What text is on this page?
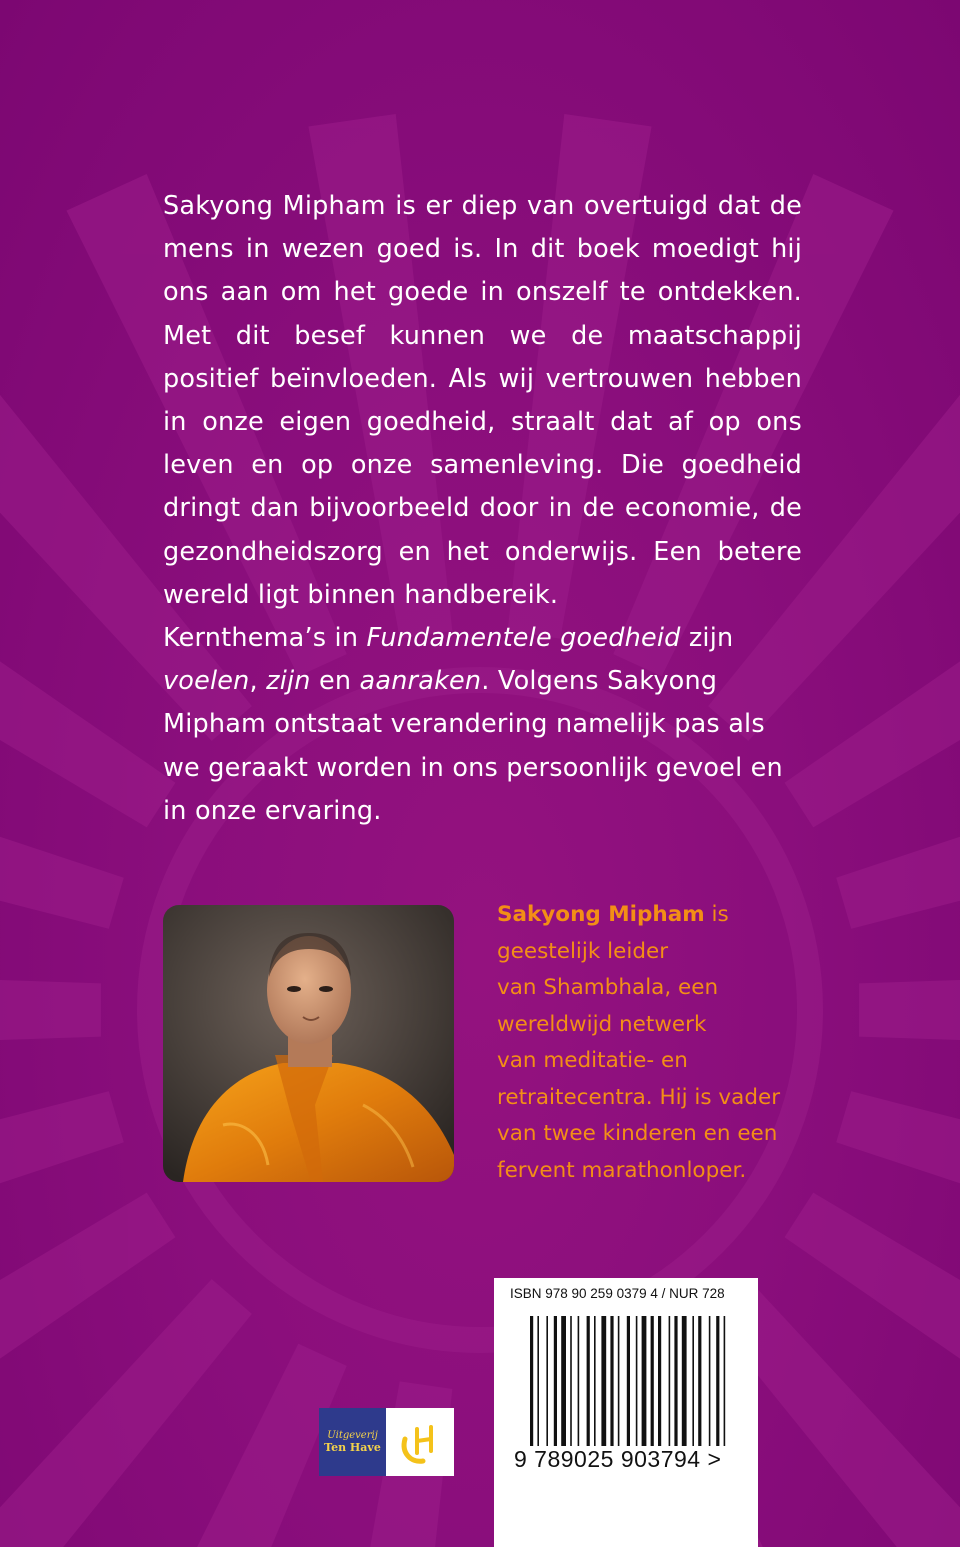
Sakyong Mipham is er diep van overtuigd dat de mens in wezen goed is. In dit boek moedigt hij ons aan om het goede in onszelf te ontdekken. Met dit besef kunnen we de maatschappij positief beïnvloeden. Als wij vertrouwen hebben in onze eigen goedheid, straalt dat af op ons leven en op onze samenleving. Die goedheid dringt dan bijvoorbeeld door in de economie, de gezondheidszorg en het onderwijs. Een betere wereld ligt binnen handbereik.
Kernthema’s in Fundamentele goedheid zijn voelen, zijn en aanraken. Volgens Sakyong Mipham ontstaat verandering namelijk pas als we geraakt worden in ons persoonlijk gevoel en in onze ervaring.
Sakyong Mipham is
geestelijk leider
van Shambhala, een
wereldwijd netwerk
van meditatie- en
retraitecentra. Hij is vader
van twee kinderen en een
fervent marathonloper.
Uitgeverij
Ten Have
ISBN 978 90 259 0379 4 / NUR 728
9 789025 903794 >
